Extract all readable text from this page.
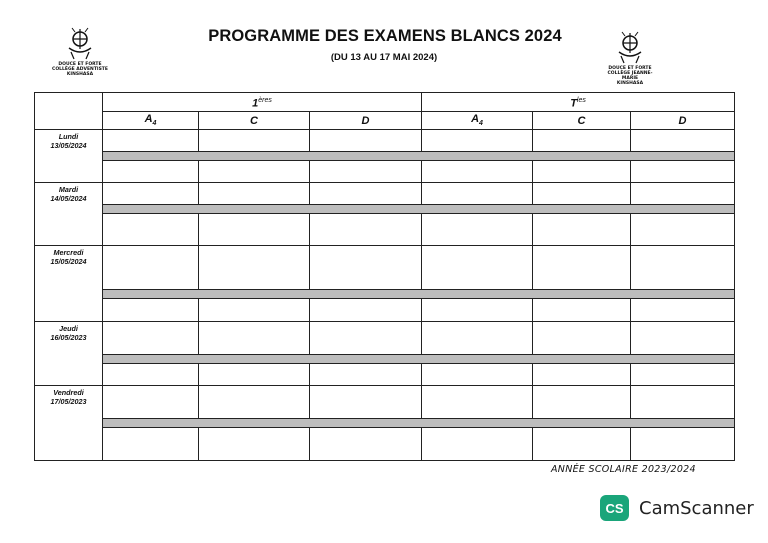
DOUCE ET FORTE
COLLÈGE ADVENTISTE
KINSHASA
DOUCE ET FORTE
COLLÈGE JEANNE-MARIE
KINSHASA
PROGRAMME DES EXAMENS BLANCS 2024
(DU 13 AU 17 MAI 2024)
	1ères			$T^{les}$
	$A_4$	C	D	$A_4$	C	D

Lundi
13/05/2024						

Mardi
14/05/2024						

Mercredi
15/05/2024						

Jeudi
16/05/2023						

Vendredi
17/05/2023						

ANNÉE SCOLAIRE 2023/2024
CS CamScanner
